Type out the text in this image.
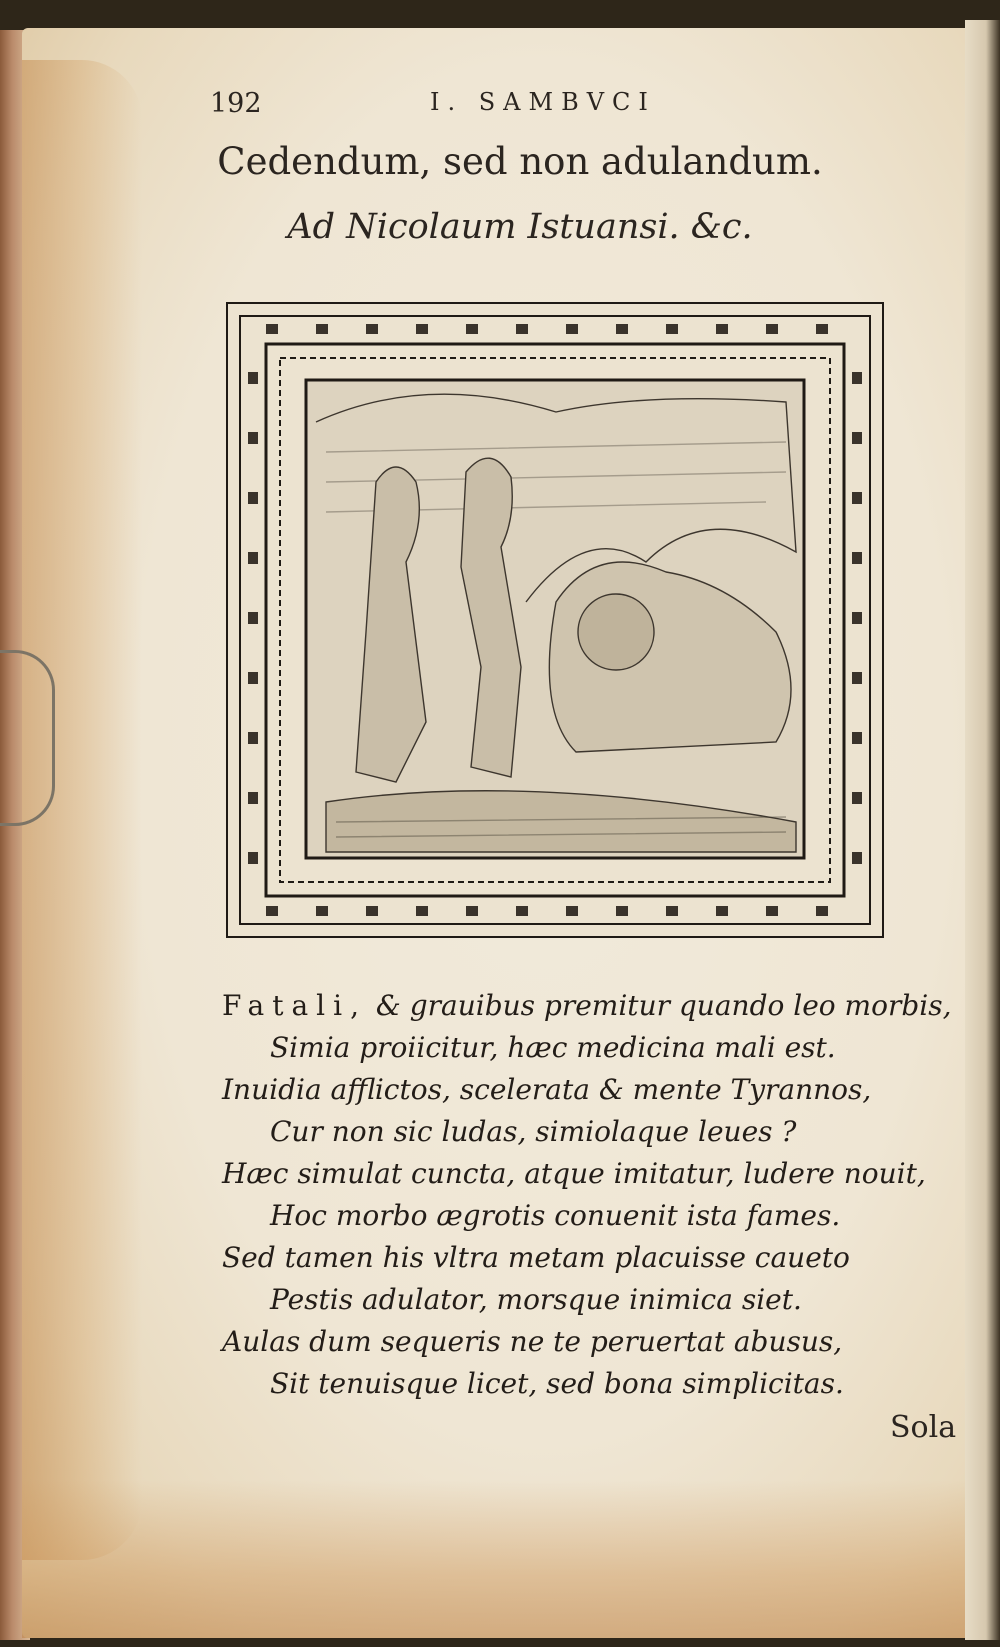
192	I. SAMBVCI
Cedendum, sed non adulandum.
Ad Nicolaum Istuansi. &c.
Fatali, & grauibus premitur quando leo morbis,
Simia proiicitur, hæc medicina mali est.
Inuidia afflictos, scelerata & mente Tyrannos,
Cur non sic ludas, simiolaque leues ?
Hæc simulat cuncta, atque imitatur, ludere nouit,
Hoc morbo ægrotis conuenit ista fames.
Sed tamen his vltra metam placuisse caueto
Pestis adulator, morsque inimica siet.
Aulas dum sequeris ne te peruertat abusus,
Sit tenuisque licet, sed bona simplicitas.
Sola
